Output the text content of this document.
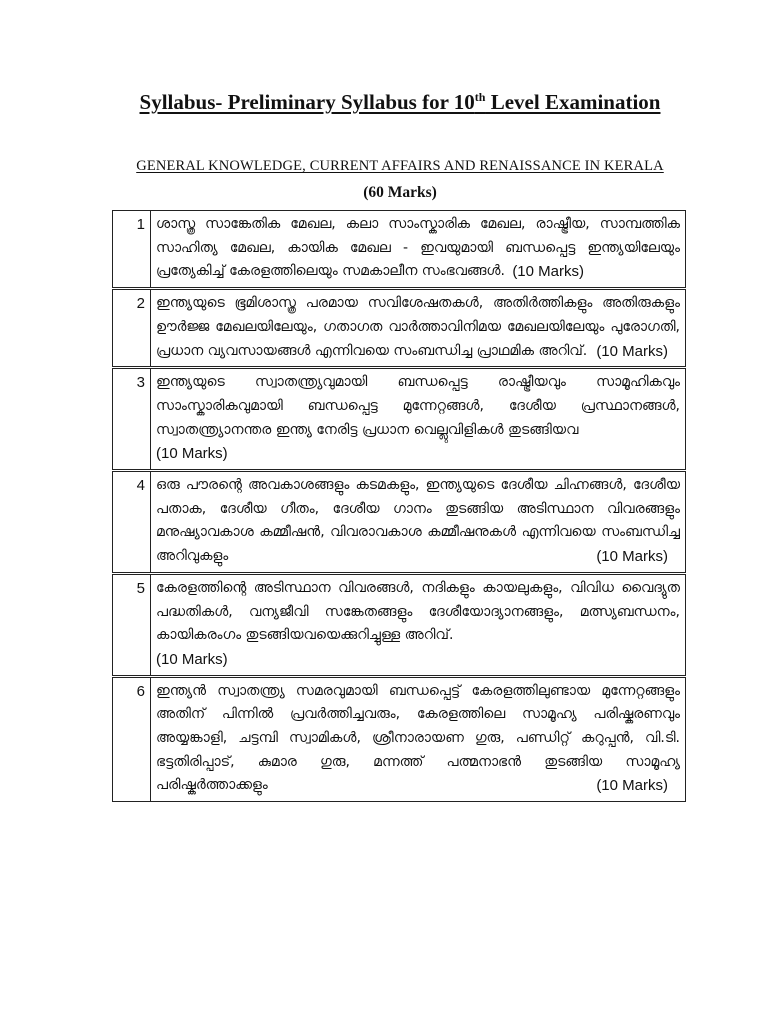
Syllabus- Preliminary Syllabus for 10th Level Examination
GENERAL KNOWLEDGE, CURRENT AFFAIRS AND RENAISSANCE IN KERALA
(60 Marks)
1	ശാസ്ത്ര സാങ്കേതിക മേഖല, കലാ സാംസ്കാരിക മേഖല, രാഷ്ട്രീയ, സാമ്പത്തിക സാഹിത്യ മേഖല, കായിക മേഖല - ഇവയുമായി ബന്ധപ്പെട്ട ഇന്ത്യയിലേയും പ്രത്യേകിച്ച് കേരളത്തിലെയും സമകാലീന സംഭവങ്ങൾ. (10 Marks)

2	ഇന്ത്യയുടെ ഭൂമിശാസ്ത്ര പരമായ സവിശേഷതകൾ, അതിർത്തികളും അതിരുകളും ഊർജ്ജ മേഖലയിലേയും, ഗതാഗത വാർത്താവിനിമയ മേഖലയിലേയും പുരോഗതി, പ്രധാന വ്യവസായങ്ങൾ എന്നിവയെ സംബന്ധിച്ച പ്രാഥമിക അറിവ്. (10 Marks)

3	ഇന്ത്യയുടെ സ്വാതന്ത്ര്യവുമായി ബന്ധപ്പെട്ട രാഷ്ട്രീയവും സാമൂഹികവും സാംസ്കാരികവുമായി ബന്ധപ്പെട്ട മുന്നേറ്റങ്ങൾ, ദേശീയ പ്രസ്ഥാനങ്ങൾ, സ്വാതന്ത്ര്യാനന്തര ഇന്ത്യ നേരിട്ട പ്രധാന വെല്ലുവിളികൾ തുടങ്ങിയവ
(10 Marks)

4	ഒരു പൗരന്റെ അവകാശങ്ങളും കടമകളും, ഇന്ത്യയുടെ ദേശീയ ചിഹ്നങ്ങൾ, ദേശീയ പതാക, ദേശീയ ഗീതം, ദേശീയ ഗാനം തുടങ്ങിയ അടിസ്ഥാന വിവരങ്ങളും മനുഷ്യാവകാശ കമ്മീഷൻ, വിവരാവകാശ കമ്മീഷനുകൾ എന്നിവയെ സംബന്ധിച്ച അറിവുകളും (10 Marks)

5	കേരളത്തിന്റെ അടിസ്ഥാന വിവരങ്ങൾ, നദികളും കായലുകളും, വിവിധ വൈദ്യുത പദ്ധതികൾ, വന്യജീവി സങ്കേതങ്ങളും ദേശീയോദ്യാനങ്ങളും, മത്സ്യബന്ധനം, കായികരംഗം തുടങ്ങിയവയെക്കുറിച്ചുള്ള അറിവ്.
(10 Marks)

6	ഇന്ത്യൻ സ്വാതന്ത്ര്യ സമരവുമായി ബന്ധപ്പെട്ട് കേരളത്തിലുണ്ടായ മുന്നേറ്റങ്ങളും അതിന് പിന്നിൽ പ്രവർത്തിച്ചവരും, കേരളത്തിലെ സാമൂഹ്യ പരിഷ്കരണവും അയ്യങ്കാളി, ചട്ടമ്പി സ്വാമികൾ, ശ്രീനാരായണ ഗുരു, പണ്ഡിറ്റ് കറുപ്പൻ, വി.ടി. ഭട്ടതിരിപ്പാട്, കുമാര ഗുരു, മന്നത്ത് പത്മനാഭൻ തുടങ്ങിയ സാമൂഹ്യ പരിഷ്കർത്താക്കളും (10 Marks)
